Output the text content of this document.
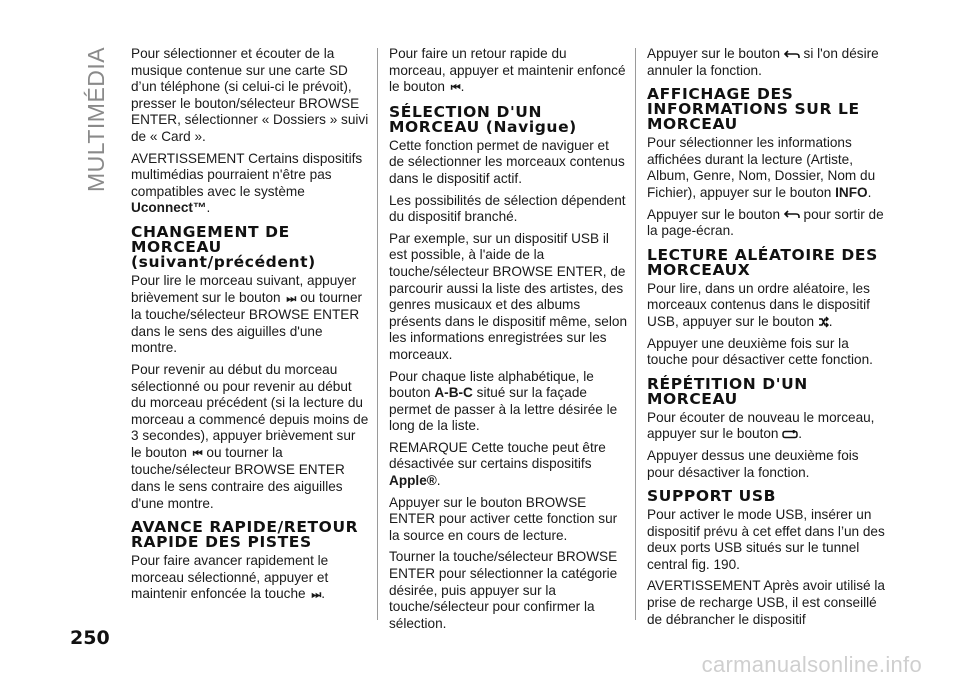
MULTIMÉDIA Pour sélectionner et écouter de la musique contenue sur une carte SD d’un téléphone (si celui-ci le prévoit), presser le bouton/sélecteur BROWSE ENTER, sélectionner « Dossiers » suivi de « Card ».

AVERTISSEMENT Certains dispositifs multimédias pourraient n'être pas compatibles avec le système Uconnect™.

CHANGEMENT DE MORCEAU (suivant/précédent)

Pour lire le morceau suivant, appuyer brièvement sur le bouton ⏭ ou tourner la touche/sélecteur BROWSE ENTER dans le sens des aiguilles d'une montre.

Pour revenir au début du morceau sélectionné ou pour revenir au début du morceau précédent (si la lecture du morceau a commencé depuis moins de 3 secondes), appuyer brièvement sur le bouton ⏮ ou tourner la touche/sélecteur BROWSE ENTER dans le sens contraire des aiguilles d'une montre.

AVANCE RAPIDE/RETOUR RAPIDE DES PISTES

Pour faire avancer rapidement le morceau sélectionné, appuyer et maintenir enfoncée la touche ⏭ .

Pour faire un retour rapide du morceau, appuyer et maintenir enfoncé le bouton ⏮ .

SÉLECTION D'UN MORCEAU (Navigue)

Cette fonction permet de naviguer et de sélectionner les morceaux contenus dans le dispositif actif.

Les possibilités de sélection dépendent du dispositif branché.

Par exemple, sur un dispositif USB il est possible, à l'aide de la touche/sélecteur BROWSE ENTER, de parcourir aussi la liste des artistes, des genres musicaux et des albums présents dans le dispositif même, selon les informations enregistrées sur les morceaux.

Pour chaque liste alphabétique, le bouton A-B-C situé sur la façade permet de passer à la lettre désirée le long de la liste.

REMARQUE Cette touche peut être désactivée sur certains dispositifs Apple®.

Appuyer sur le bouton BROWSE ENTER pour activer cette fonction sur la source en cours de lecture.

Tourner la touche/sélecteur BROWSE ENTER pour sélectionner la catégorie désirée, puis appuyer sur la touche/sélecteur pour confirmer la sélection.

Appuyer sur le bouton  si l'on désire annuler la fonction.

AFFICHAGE DES INFORMATIONS SUR LE MORCEAU

Pour sélectionner les informations affichées durant la lecture (Artiste, Album, Genre, Nom, Dossier, Nom du Fichier), appuyer sur le bouton INFO.

Appuyer sur le bouton  pour sortir de la page-écran.

LECTURE ALÉATOIRE DES MORCEAUX

Pour lire, dans un ordre aléatoire, les morceaux contenus dans le dispositif USB, appuyer sur le bouton .

Appuyer une deuxième fois sur la touche pour désactiver cette fonction.

RÉPÉTITION D'UN MORCEAU

Pour écouter de nouveau le morceau, appuyer sur le bouton .

Appuyer dessus une deuxième fois pour désactiver la fonction.

SUPPORT USB

Pour activer le mode USB, insérer un dispositif prévu à cet effet dans l’un des deux ports USB situés sur le tunnel central fig. 190.

AVERTISSEMENT Après avoir utilisé la prise de recharge USB, il est conseillé de débrancher le dispositif

250
carmanualsonline.info
